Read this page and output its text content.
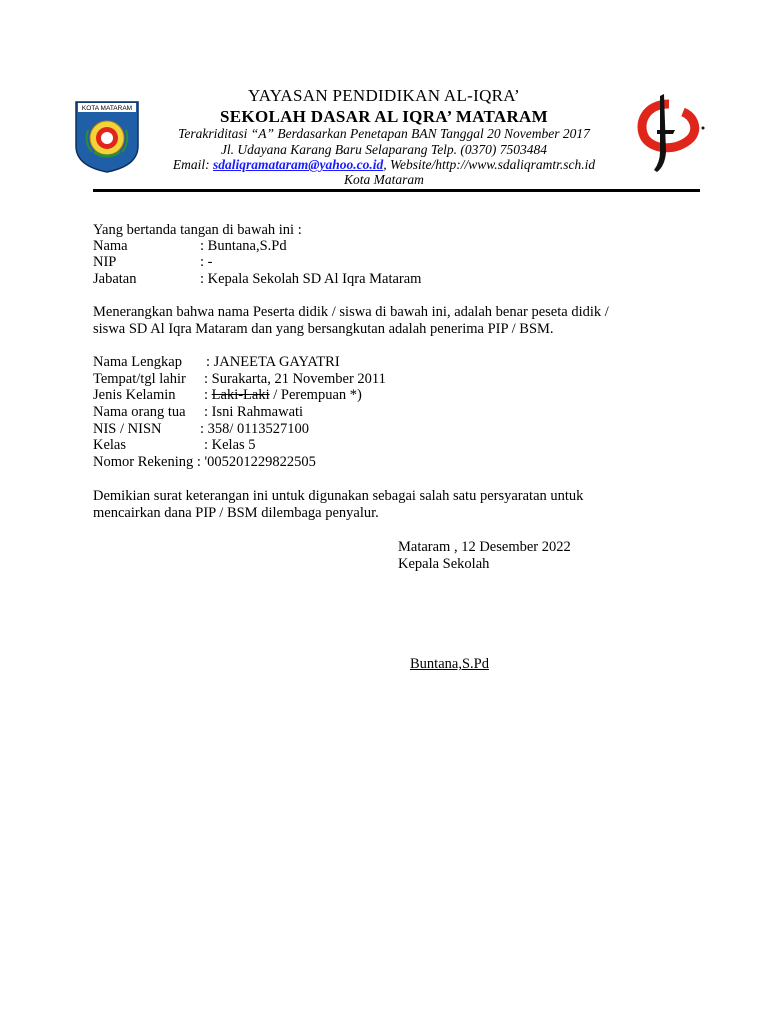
KOTA MATARAM
YAYASAN PENDIDIKAN AL-IQRA’
SEKOLAH DASAR AL IQRA’ MATARAM
Terakriditasi “A” Berdasarkan Penetapan BAN Tanggal 20 November 2017
Jl. Udayana Karang Baru Selaparang Telp. (0370) 7503484
Email: sdaliqramataram@yahoo.co.id, Website/http://www.sdaliqramtr.sch.id
Kota Mataram
Yang bertanda tangan di bawah ini :
Nama	: Buntana,S.Pd
NIP	: -
Jabatan	: Kepala Sekolah SD Al Iqra Mataram
Menerangkan bahwa nama Peserta didik / siswa di bawah ini, adalah benar peseta didik /
siswa SD Al Iqra Mataram dan yang bersangkutan adalah penerima PIP / BSM.
Nama Lengkap : JANEETA GAYATRI
Tempat/tgl lahir : Surakarta, 21 November 2011
Jenis Kelamin : Laki-Laki / Perempuan *)
Nama orang tua : Isni Rahmawati
NIS / NISN	: 358/ 0113527100
Kelas	: Kelas 5
Nomor Rekening : '005201229822505
Demikian surat keterangan ini untuk digunakan sebagai salah satu persyaratan untuk
mencairkan dana PIP / BSM dilembaga penyalur.
Mataram , 12 Desember 2022
Kepala Sekolah
Buntana,S.Pd
